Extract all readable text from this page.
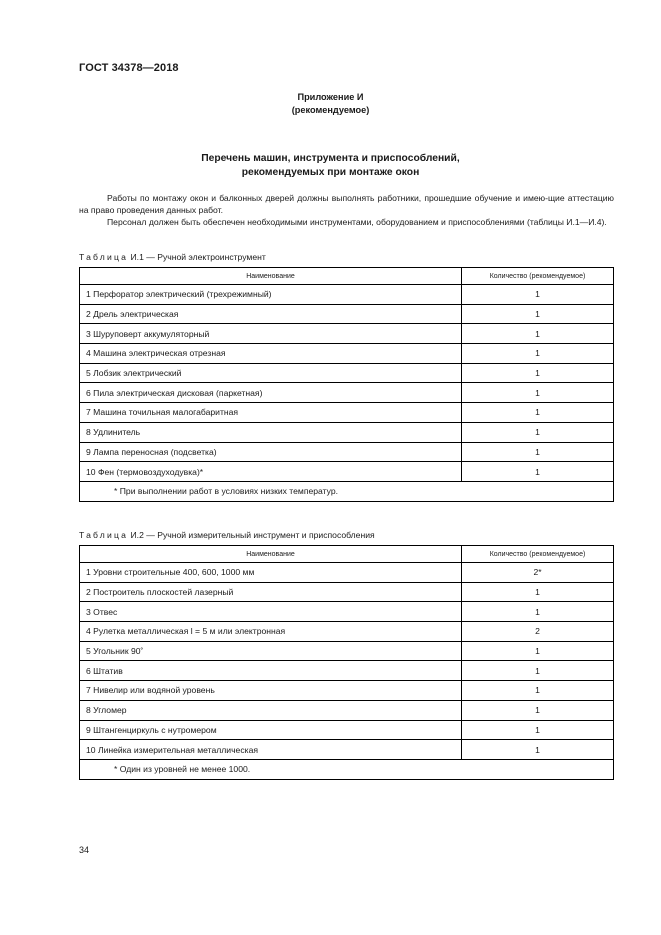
ГОСТ 34378—2018
Приложение И
(рекомендуемое)
Перечень машин, инструмента и приспособлений,
рекомендуемых при монтаже окон

Работы по монтажу окон и балконных дверей должны выполнять работники, прошедшие обучение и имею-щие аттестацию на право проведения данных работ.

Персонал должен быть обеспечен необходимыми инструментами, оборудованием и приспособлениями (таблицы И.1—И.4).

Таблица И.1 — Ручной электроинструмент
Наименование	Количество (рекомендуемое)
1 Перфоратор электрический (трехрежимный)	1
2 Дрель электрическая	1
3 Шуруповерт аккумуляторный	1
4 Машина электрическая отрезная	1
5 Лобзик электрический	1
6 Пила электрическая дисковая (паркетная)	1
7 Машина точильная малогабаритная	1
8 Удлинитель	1
9 Лампа переносная (подсветка)	1
10 Фен (термовоздуходувка)*	1
* При выполнении работ в условиях низких температур.	
Таблица И.2 — Ручной измерительный инструмент и приспособления
Наименование	Количество (рекомендуемое)
1 Уровни строительные 400, 600, 1000 мм	2*
2 Построитель плоскостей лазерный	1
3 Отвес	1
4 Рулетка металлическая l = 5 м или электронная	2
5 Угольник 90˚	1
6 Штатив	1
7 Нивелир или водяной уровень	1
8 Угломер	1
9 Штангенциркуль с нутромером	1
10 Линейка измерительная металлическая	1
* Один из уровней не менее 1000.	
34
